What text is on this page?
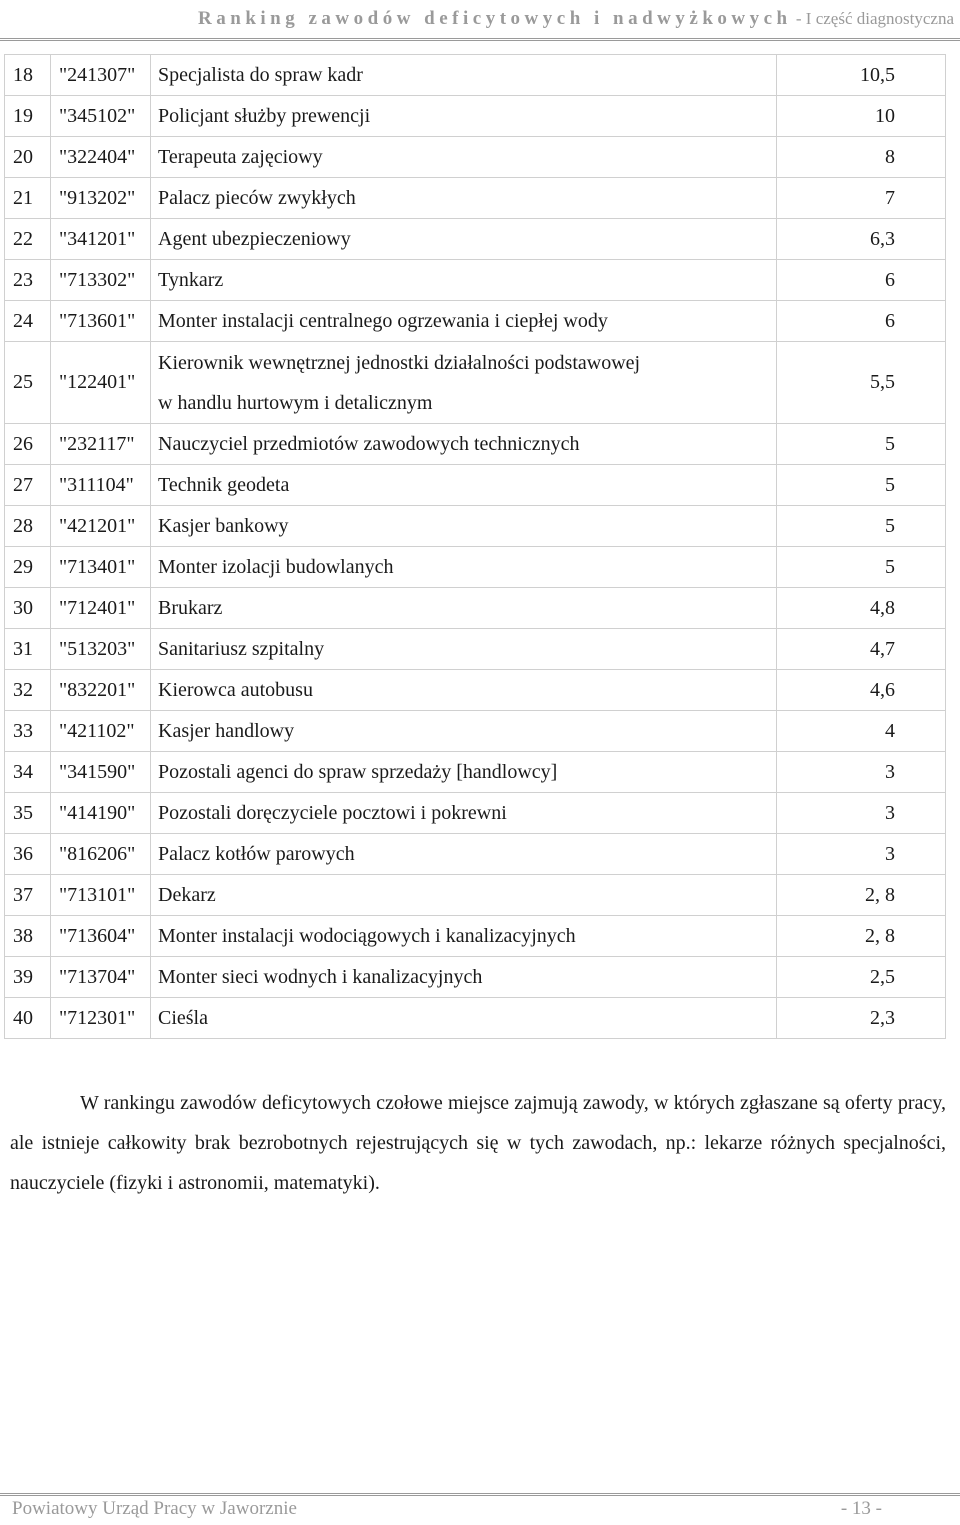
Ranking zawodów deficytowych i nadwyżkowych - I część diagnostyczna
18	"241307"	Specjalista do spraw kadr	10,5
19	"345102"	Policjant służby prewencji	10
20	"322404"	Terapeuta zajęciowy	8
21	"913202"	Palacz pieców zwykłych	7
22	"341201"	Agent ubezpieczeniowy	6,3
23	"713302"	Tynkarz	6
24	"713601"	Monter instalacji centralnego ogrzewania i ciepłej wody	6
25	"122401"	Kierownik wewnętrznej jednostki działalności podstawowej
w handlu hurtowym i detalicznym	5,5
26	"232117"	Nauczyciel przedmiotów zawodowych technicznych	5
27	"311104"	Technik geodeta	5
28	"421201"	Kasjer bankowy	5
29	"713401"	Monter izolacji budowlanych	5
30	"712401"	Brukarz	4,8
31	"513203"	Sanitariusz szpitalny	4,7
32	"832201"	Kierowca autobusu	4,6
33	"421102"	Kasjer handlowy	4
34	"341590"	Pozostali agenci do spraw sprzedaży [handlowcy]	3
35	"414190"	Pozostali doręczyciele pocztowi i pokrewni	3
36	"816206"	Palacz kotłów parowych	3
37	"713101"	Dekarz	2, 8
38	"713604"	Monter instalacji wodociągowych i kanalizacyjnych	2, 8
39	"713704"	Monter sieci wodnych i kanalizacyjnych	2,5
40	"712301"	Cieśla	2,3

W rankingu zawodów deficytowych czołowe miejsce zajmują zawody, w których zgłaszane są oferty pracy, ale istnieje całkowity brak bezrobotnych rejestrujących się w tych zawodach, np.: lekarze różnych specjalności, nauczyciele (fizyki i astronomii, matematyki).

Powiatowy Urząd Pracy w Jaworznie	- 13 -
